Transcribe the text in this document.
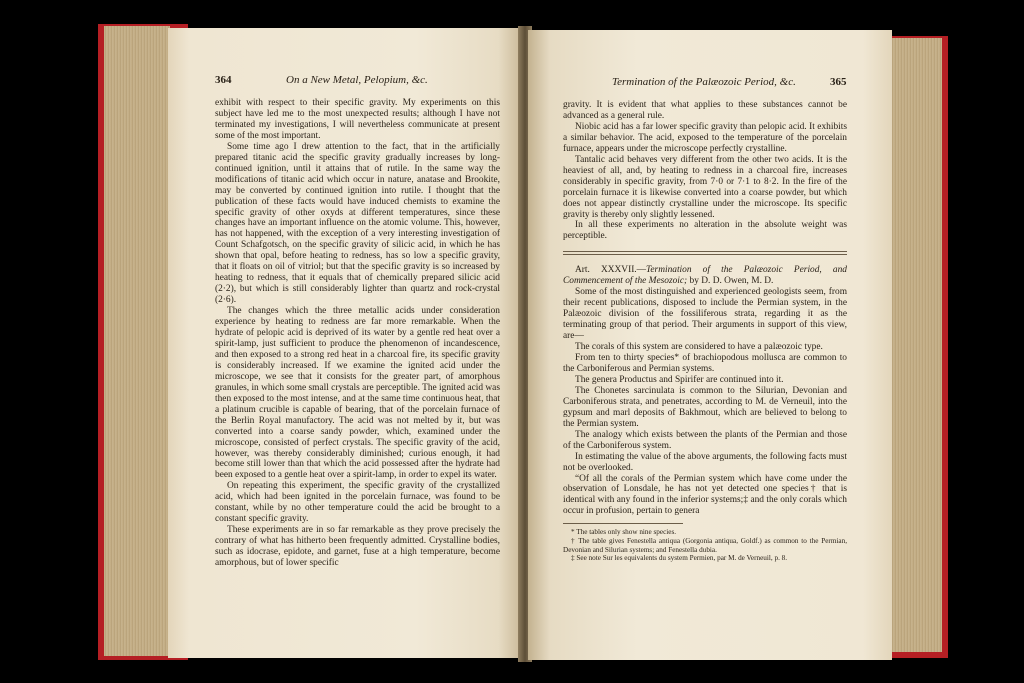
364	On a New Metal, Pelopium, &c.

exhibit with respect to their specific gravity. My experiments on this subject have led me to the most unexpected results; although I have not terminated my investigations, I will nevertheless communicate at present some of the most important.

Some time ago I drew attention to the fact, that in the artificially prepared titanic acid the specific gravity gradually increases by long-continued ignition, until it attains that of rutile. In the same way the modifications of titanic acid which occur in nature, anatase and Brookite, may be converted by continued ignition into rutile. I thought that the publication of these facts would have induced chemists to examine the specific gravity of other oxyds at different temperatures, since these changes have an important influence on the atomic volume. This, however, has not happened, with the exception of a very interesting investigation of Count Schafgotsch, on the specific gravity of silicic acid, in which he has shown that opal, before heating to redness, has so low a specific gravity, that it floats on oil of vitriol; but that the specific gravity is so increased by heating to redness, that it equals that of chemically prepared silicic acid (2·2), but which is still considerably lighter than quartz and rock-crystal (2·6).

The changes which the three metallic acids under consideration experience by heating to redness are far more remarkable. When the hydrate of pelopic acid is deprived of its water by a gentle red heat over a spirit-lamp, just sufficient to produce the phenomenon of incandescence, and then exposed to a strong red heat in a charcoal fire, its specific gravity is considerably increased. If we examine the ignited acid under the microscope, we see that it consists for the greater part, of amorphous granules, in which some small crystals are perceptible. The ignited acid was then exposed to the most intense, and at the same time continuous heat, that a platinum crucible is capable of bearing, that of the porcelain furnace of the Berlin Royal manufactory. The acid was not melted by it, but was converted into a coarse sandy powder, which, examined under the microscope, consisted of perfect crystals. The specific gravity of the acid, however, was thereby considerably diminished; curious enough, it had become still lower than that which the acid possessed after the hydrate had been exposed to a gentle heat over a spirit-lamp, in order to expel its water.

On repeating this experiment, the specific gravity of the crystallized acid, which had been ignited in the porcelain furnace, was found to be constant, while by no other temperature could the acid be brought to a constant specific gravity.

These experiments are in so far remarkable as they prove precisely the contrary of what has hitherto been frequently admitted. Crystalline bodies, such as idocrase, epidote, and garnet, fuse at a high temperature, become amorphous, but of lower specific

Termination of the Palæozoic Period, &c.	365

gravity. It is evident that what applies to these substances cannot be advanced as a general rule.

Niobic acid has a far lower specific gravity than pelopic acid. It exhibits a similar behavior. The acid, exposed to the temperature of the porcelain furnace, appears under the microscope perfectly crystalline.

Tantalic acid behaves very different from the other two acids. It is the heaviest of all, and, by heating to redness in a charcoal fire, increases considerably in specific gravity, from 7·0 or 7·1 to 8·2. In the fire of the porcelain furnace it is likewise converted into a coarse powder, but which does not appear distinctly crystalline under the microscope. Its specific gravity is thereby only slightly lessened.

In all these experiments no alteration in the absolute weight was perceptible.

Art. XXXVII.—Termination of the Palæozoic Period, and Commencement of the Mesozoic; by D. D. Owen, M. D.

Some of the most distinguished and experienced geologists seem, from their recent publications, disposed to include the Permian system, in the Palæozoic division of the fossiliferous strata, regarding it as the terminating group of that period. Their arguments in support of this view, are—

The corals of this system are considered to have a palæozoic type.

From ten to thirty species* of brachiopodous mollusca are common to the Carboniferous and Permian systems.

The genera Productus and Spirifer are continued into it.

The Chonetes sarcinulata is common to the Silurian, Devonian and Carboniferous strata, and penetrates, according to M. de Verneuil, into the gypsum and marl deposits of Bakhmout, which are believed to belong to the Permian system.

The analogy which exists between the plants of the Permian and those of the Carboniferous system.

In estimating the value of the above arguments, the following facts must not be overlooked.

“Of all the corals of the Permian system which have come under the observation of Lonsdale, he has not yet detected one species† that is identical with any found in the inferior systems;‡ and the only corals which occur in profusion, pertain to genera

* The tables only show nine species.

† The table gives Fenestella antiqua (Gorgonia antiqua, Goldf.) as common to the Permian, Devonian and Silurian systems; and Fenestella dubia.

‡ See note Sur les equivalents du system Permien, par M. de Verneuil, p. 8.
